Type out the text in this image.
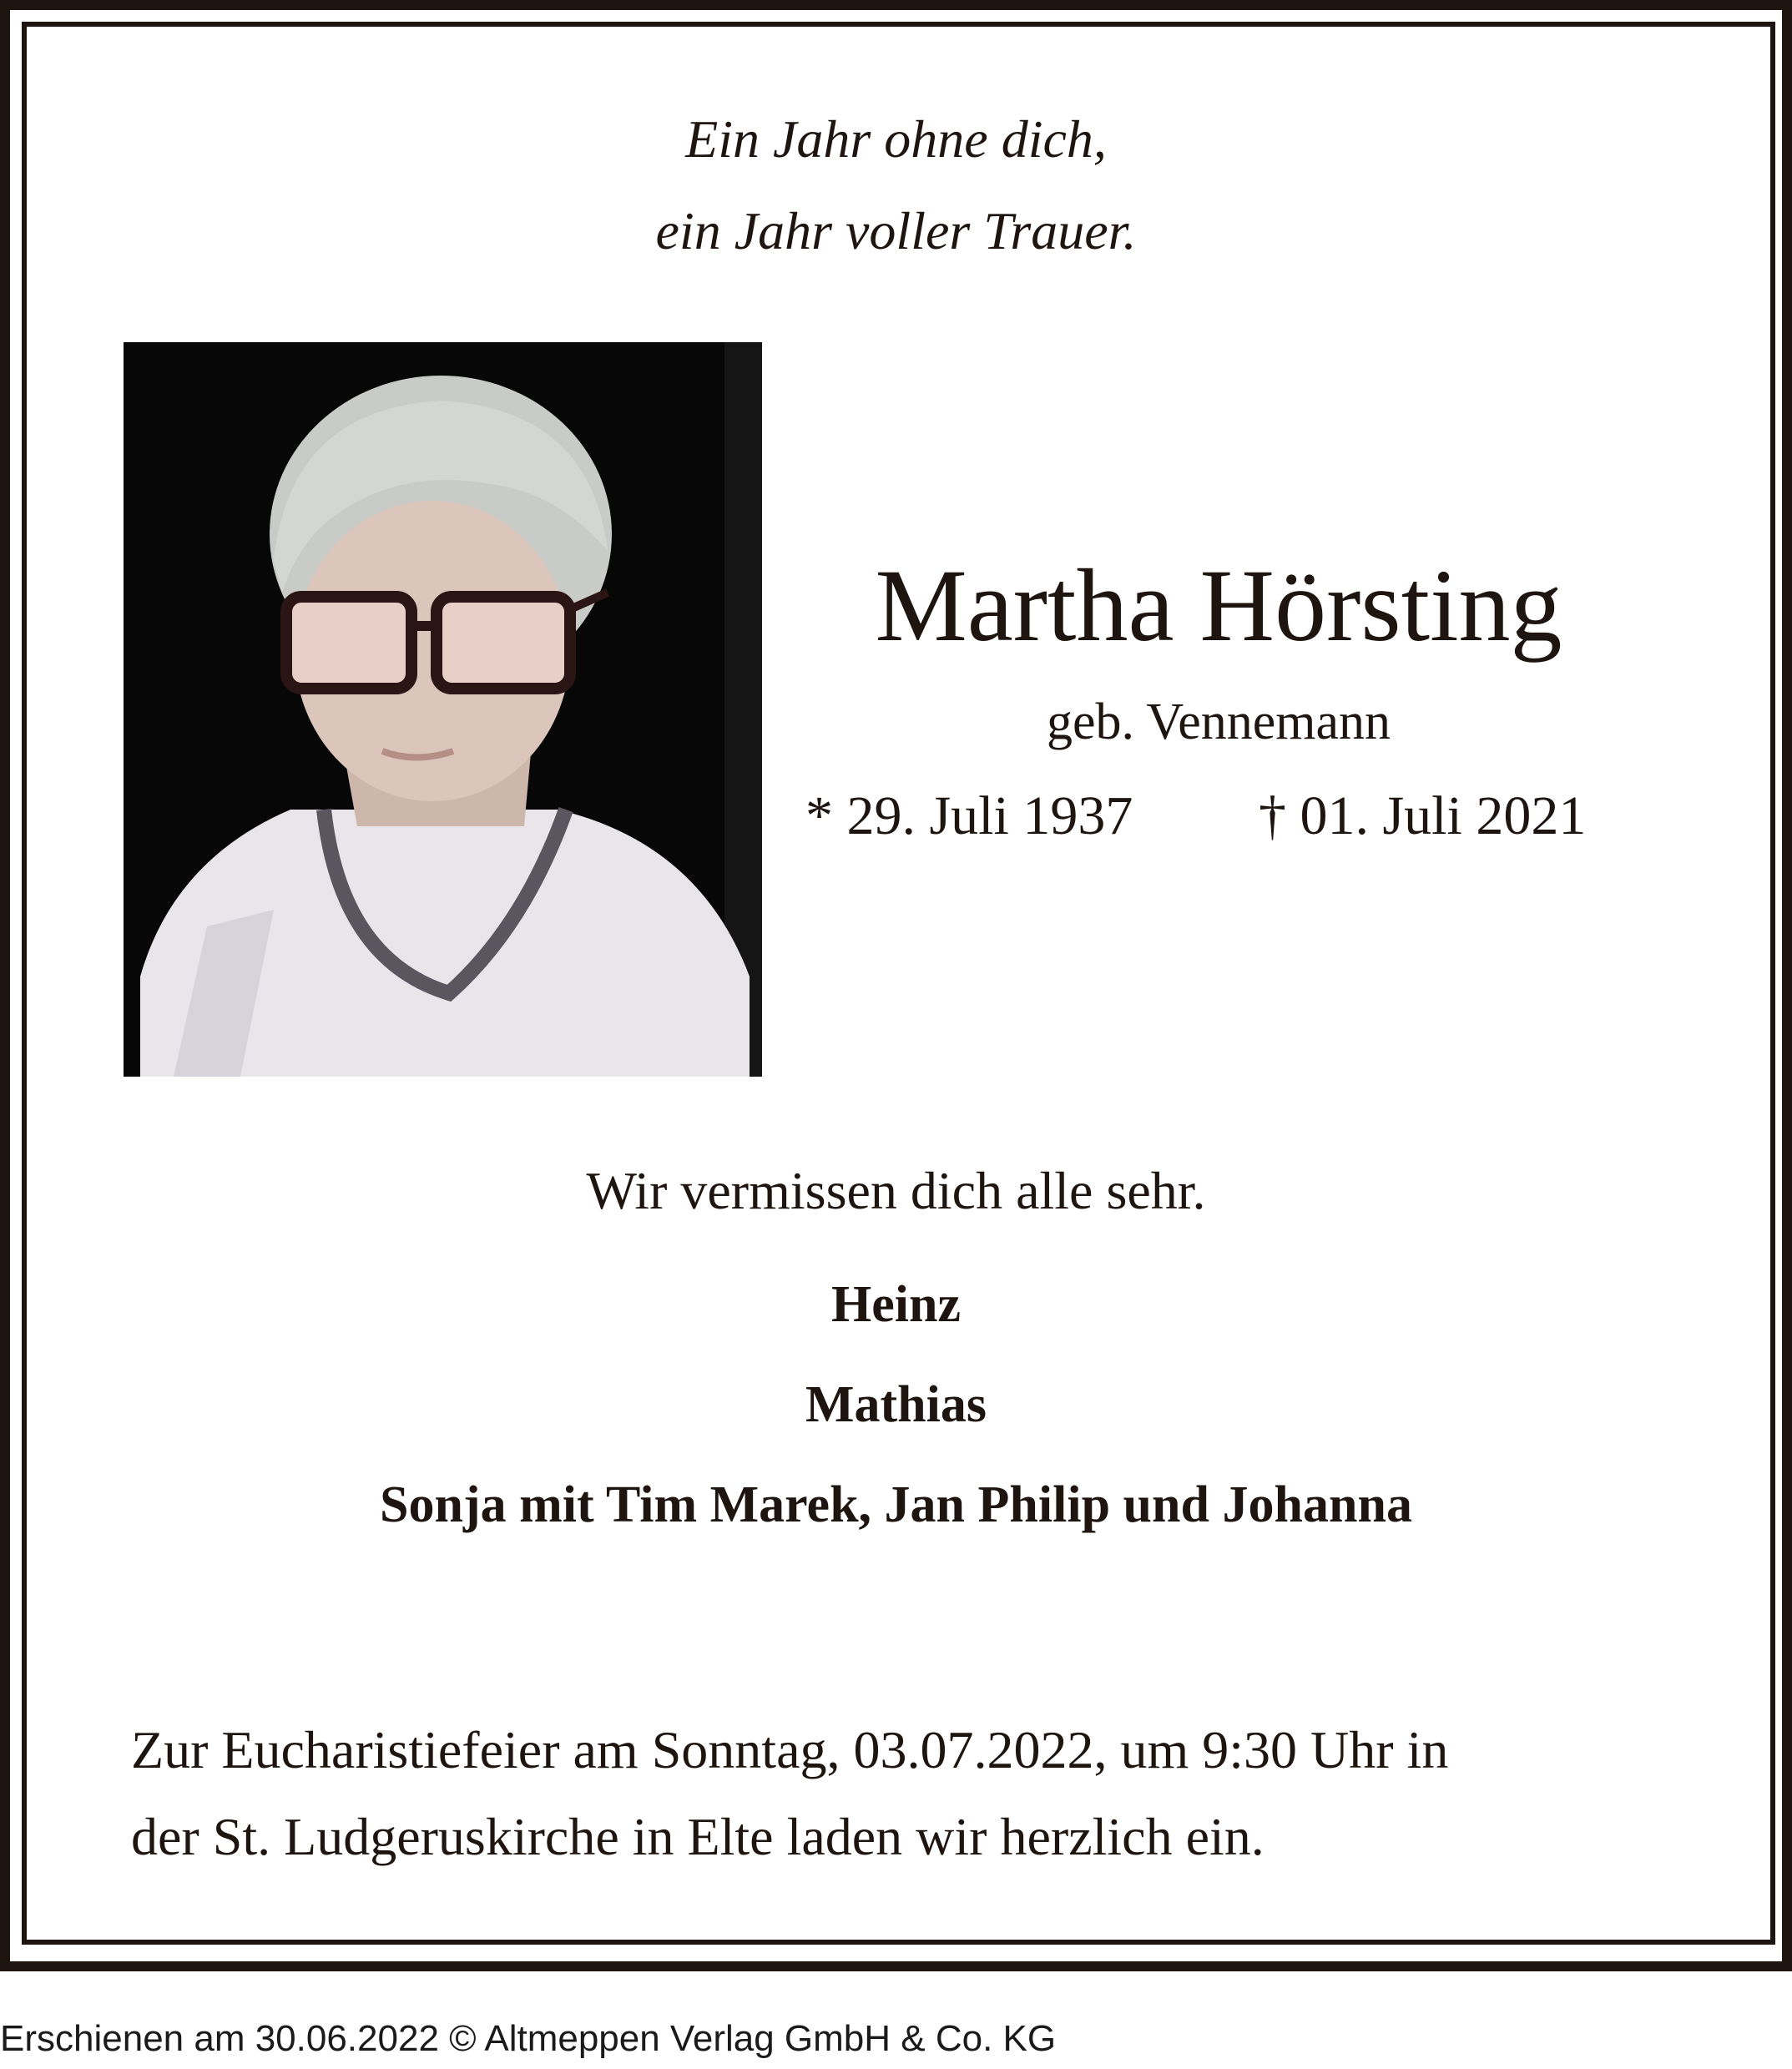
Ein Jahr ohne dich,
ein Jahr voller Trauer.
Martha Hörsting
geb. Vennemann
* 29. Juli 1937 † 01. Juli 2021
Wir vermissen dich alle sehr.
Heinz
Mathias
Sonja mit Tim Marek, Jan Philip und Johanna
Zur Eucharistiefeier am Sonntag, 03.07.2022, um 9:30 Uhr in
der St. Ludgeruskirche in Elte laden wir herzlich ein.
Erschienen am 30.06.2022 © Altmeppen Verlag GmbH & Co. KG
